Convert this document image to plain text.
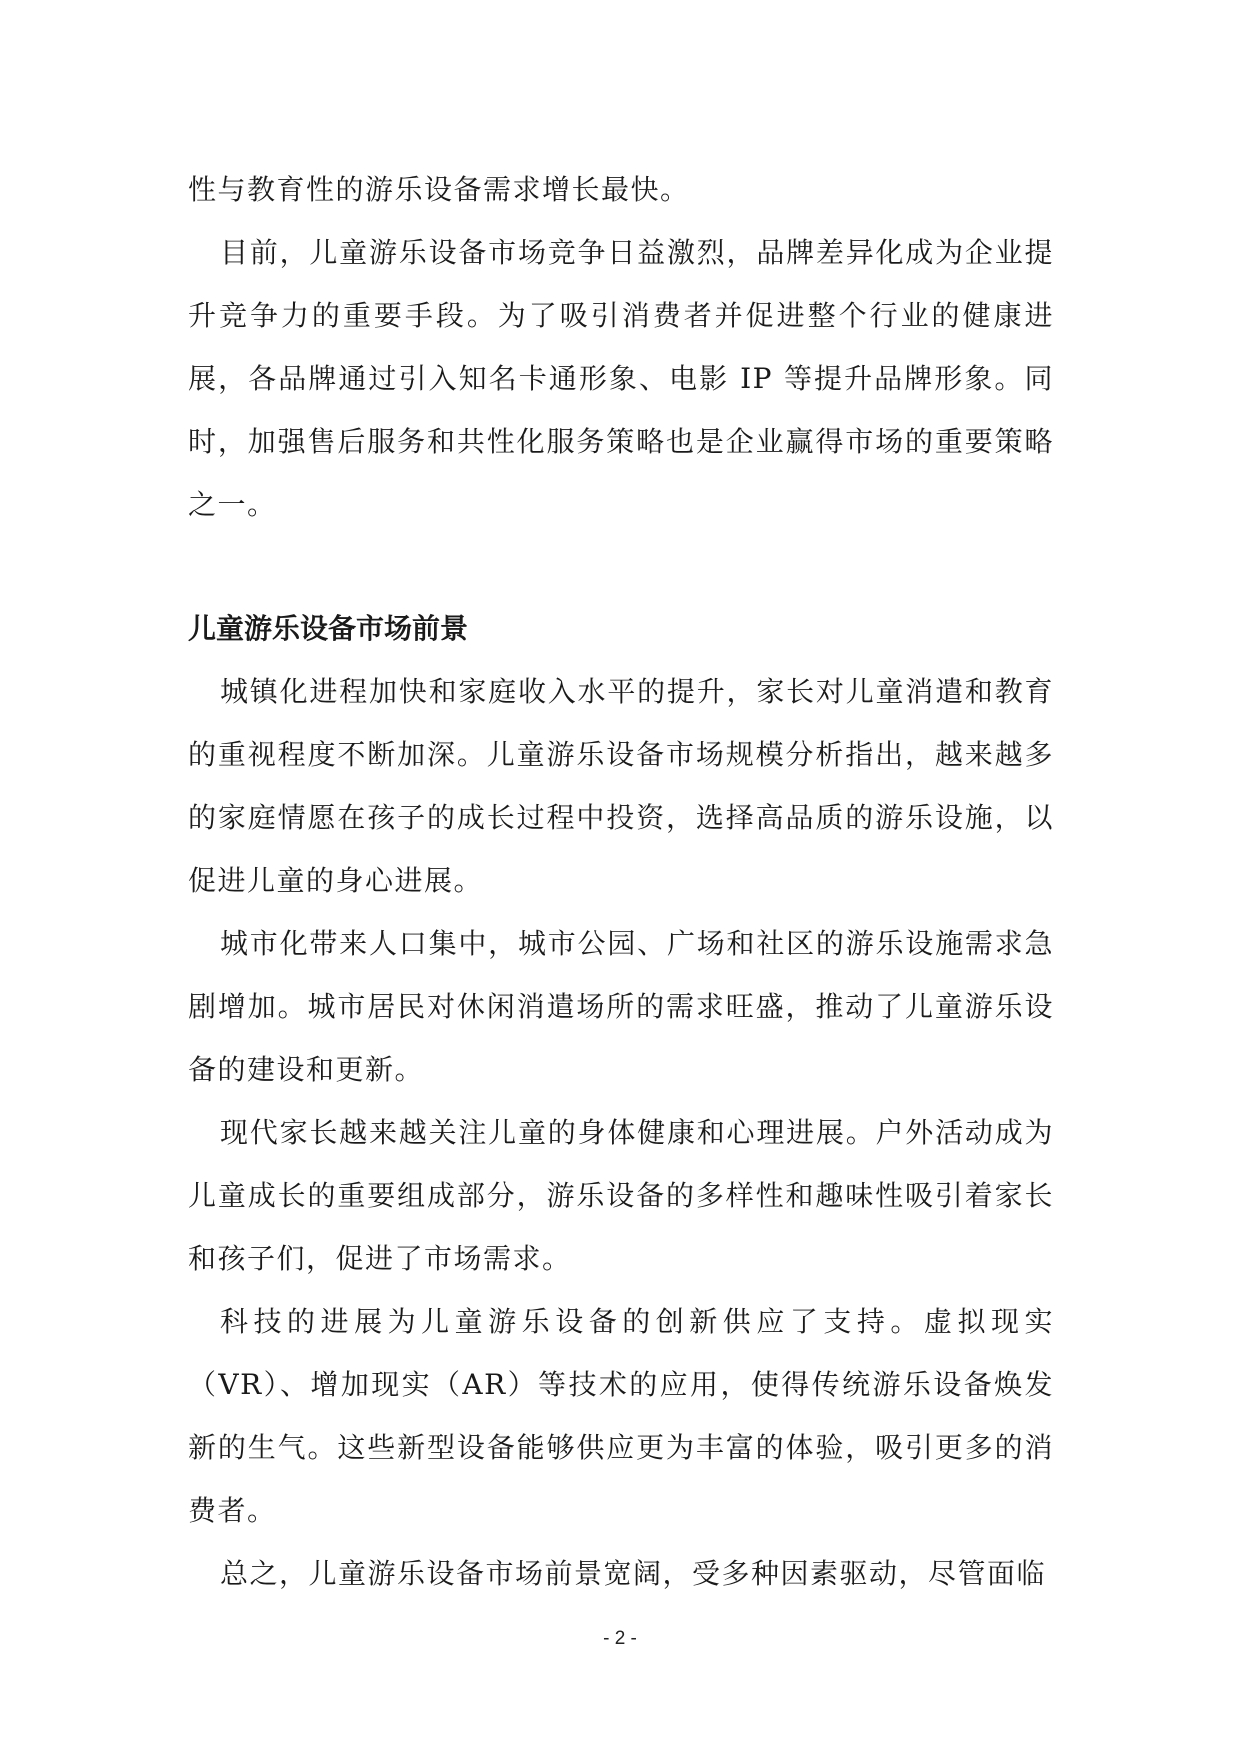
性与教育性的游乐设备需求增长最快。

目前，儿童游乐设备市场竞争日益激烈，品牌差异化成为企业提升竞争力的重要手段。为了吸引消费者并促进整个行业的健康进展，各品牌通过引入知名卡通形象、电影 IP 等提升品牌形象。同时，加强售后服务和共性化服务策略也是企业赢得市场的重要策略之一。

儿童游乐设备市场前景

城镇化进程加快和家庭收入水平的提升，家长对儿童消遣和教育的重视程度不断加深。儿童游乐设备市场规模分析指出，越来越多的家庭情愿在孩子的成长过程中投资，选择高品质的游乐设施，以促进儿童的身心进展。

城市化带来人口集中，城市公园、广场和社区的游乐设施需求急剧增加。城市居民对休闲消遣场所的需求旺盛，推动了儿童游乐设备的建设和更新。

现代家长越来越关注儿童的身体健康和心理进展。户外活动成为儿童成长的重要组成部分，游乐设备的多样性和趣味性吸引着家长和孩子们，促进了市场需求。

科技的进展为儿童游乐设备的创新供应了支持。虚拟现实（VR）、增加现实（AR）等技术的应用，使得传统游乐设备焕发新的生气。这些新型设备能够供应更为丰富的体验，吸引更多的消费者。

总之，儿童游乐设备市场前景宽阔，受多种因素驱动，尽管面临

- 2 -
